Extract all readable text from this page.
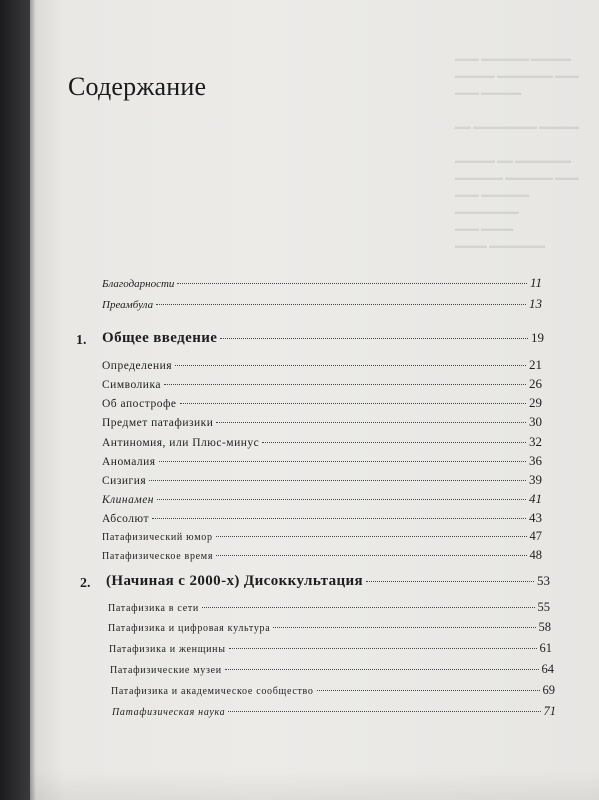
▬▬▬ ▬▬▬▬▬▬ ▬▬▬▬▬
▬▬▬▬▬ ▬▬▬▬▬▬▬ ▬▬▬
▬▬▬ ▬▬▬▬▬

▬▬ ▬▬▬▬▬▬▬▬ ▬▬▬▬▬

▬▬▬▬▬ ▬▬ ▬▬▬▬▬▬▬
▬▬▬▬▬▬ ▬▬▬▬▬▬ ▬▬▬
▬▬▬ ▬▬▬▬▬▬
▬▬▬▬▬▬▬▬
▬▬▬ ▬▬▬▬
▬▬▬▬ ▬▬▬▬▬▬▬
Содержание
Благодарности	11
Преамбула	13
1. Общее введение	19
Определения	21
Символика	26
Об апострофе	29
Предмет патафизики	30
Антиномия, или Плюс-минус	32
Аномалия	36
Сизигия	39
Клинамен	41
Абсолют	43
Патафизический юмор	47
Патафизическое время	48
2. (Начиная с 2000-х) Дисоккультация	53
Патафизика в сети	55
Патафизика и цифровая культура	58
Патафизика и женщины	61
Патафизические музеи	64
Патафизика и академическое сообщество	69
Патафизическая наука	71
